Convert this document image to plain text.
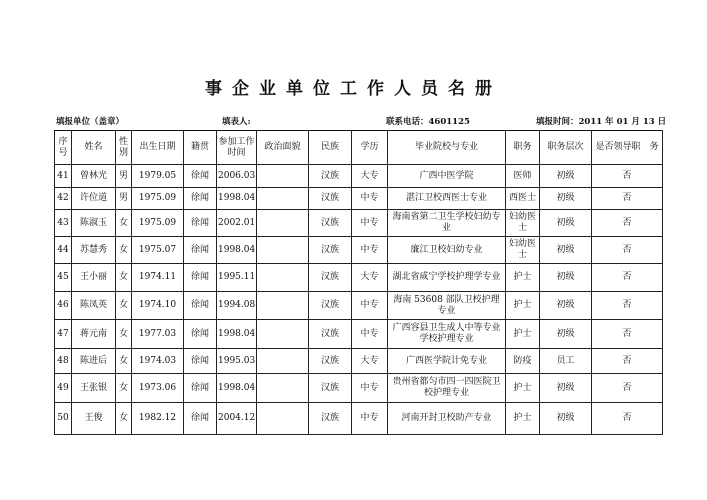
事企业单位工作人员名册
填报单位（盖章）	填表人:	联系电话：4601125	填报时间：2011 年 01 月 13 日
序号	姓名	性别	出生日期	籍贯	参加工作时间	政治面貌	民族	学历	毕业院校与专业	职务	职务层次	是否领导职　务
41	曾林光	男	1979.05	徐闻	2006.03		汉族	大专	广西中医学院	医师	初级	否
42	许位道	男	1975.09	徐闻	1998.04		汉族	中专	湛江卫校西医士专业	西医士	初级	否
43	陈淑玉	女	1975.09	徐闻	2002.01		汉族	中专	海南省第二卫生学校妇幼专业	妇幼医士	初级	否
44	苏慧秀	女	1975.07	徐闻	1998.04		汉族	中专	廉江卫校妇幼专业	妇幼医士	初级	否
45	王小丽	女	1974.11	徐闻	1995.11		汉族	大专	湖北省咸宁学校护理学专业	护士	初级	否
46	陈凤英	女	1974.10	徐闻	1994.08		汉族	中专	海南 53608 部队卫校护理专业	护士	初级	否
47	蒋元南	女	1977.03	徐闻	1998.04		汉族	中专	广西容县卫生成人中等专业学校护理专业	护士	初级	否
48	陈进后	女	1974.03	徐闻	1995.03		汉族	大专	广西医学院计免专业	防疫	员工	否
49	王张银	女	1973.06	徐闻	1998.04		汉族	中专	贵州省都匀市四一四医院卫校护理专业	护士	初级	否
50	王俊	女	1982.12	徐闻	2004.12		汉族	中专	河南开封卫校助产专业	护士	初级	否
